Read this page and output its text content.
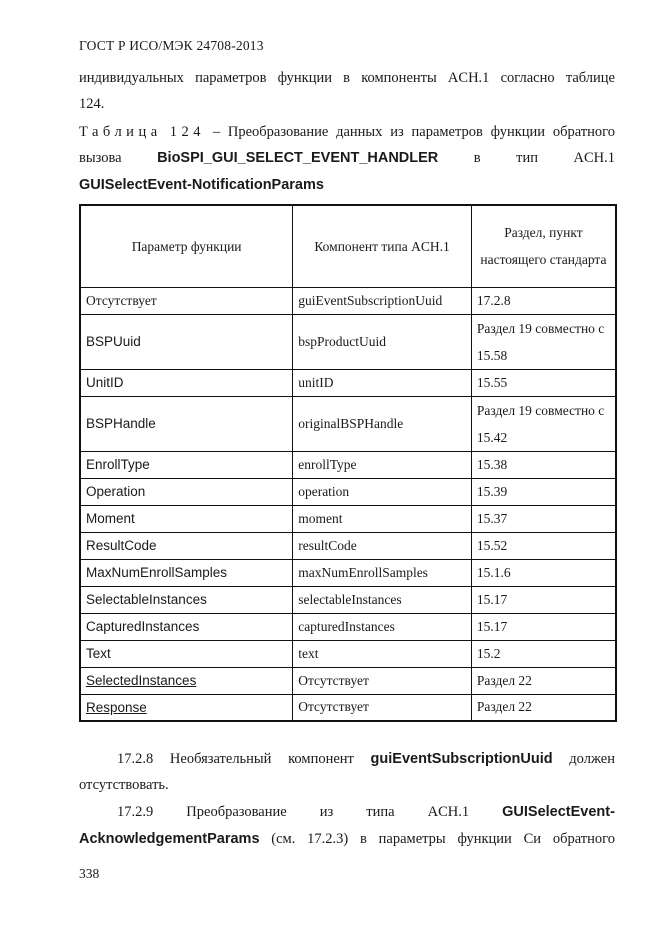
ГОСТ Р ИСО/МЭК 24708-2013
индивидуальных параметров функции в компоненты ACH.1 согласно таблице
124.
Таблица 124 – Преобразование данных из параметров функции обратного
вызова BioSPI_GUI_SELECT_EVENT_HANDLER в тип ACH.1
GUISelectEvent-NotificationParams
Параметр функции	Компонент типа ACH.1	Раздел, пункт настоящего стандарта
Отсутствует	guiEventSubscriptionUuid	17.2.8
BSPUuid	bspProductUuid	Раздел 19 совместно с 15.58
UnitID	unitID	15.55
BSPHandle	originalBSPHandle	Раздел 19 совместно с 15.42
EnrollType	enrollType	15.38
Operation	operation	15.39
Moment	moment	15.37
ResultCode	resultCode	15.52
MaxNumEnrollSamples	maxNumEnrollSamples	15.1.6
SelectableInstances	selectableInstances	15.17
CapturedInstances	capturedInstances	15.17
Text	text	15.2
SelectedInstances	Отсутствует	Раздел 22
Response	Отсутствует	Раздел 22
17.2.8 Необязательный компонент guiEventSubscriptionUuid должен
отсутствовать.
17.2.9 Преобразование из типа ACH.1 GUISelectEvent-
AcknowledgementParams (см. 17.2.3) в параметры функции Си обратного
338
